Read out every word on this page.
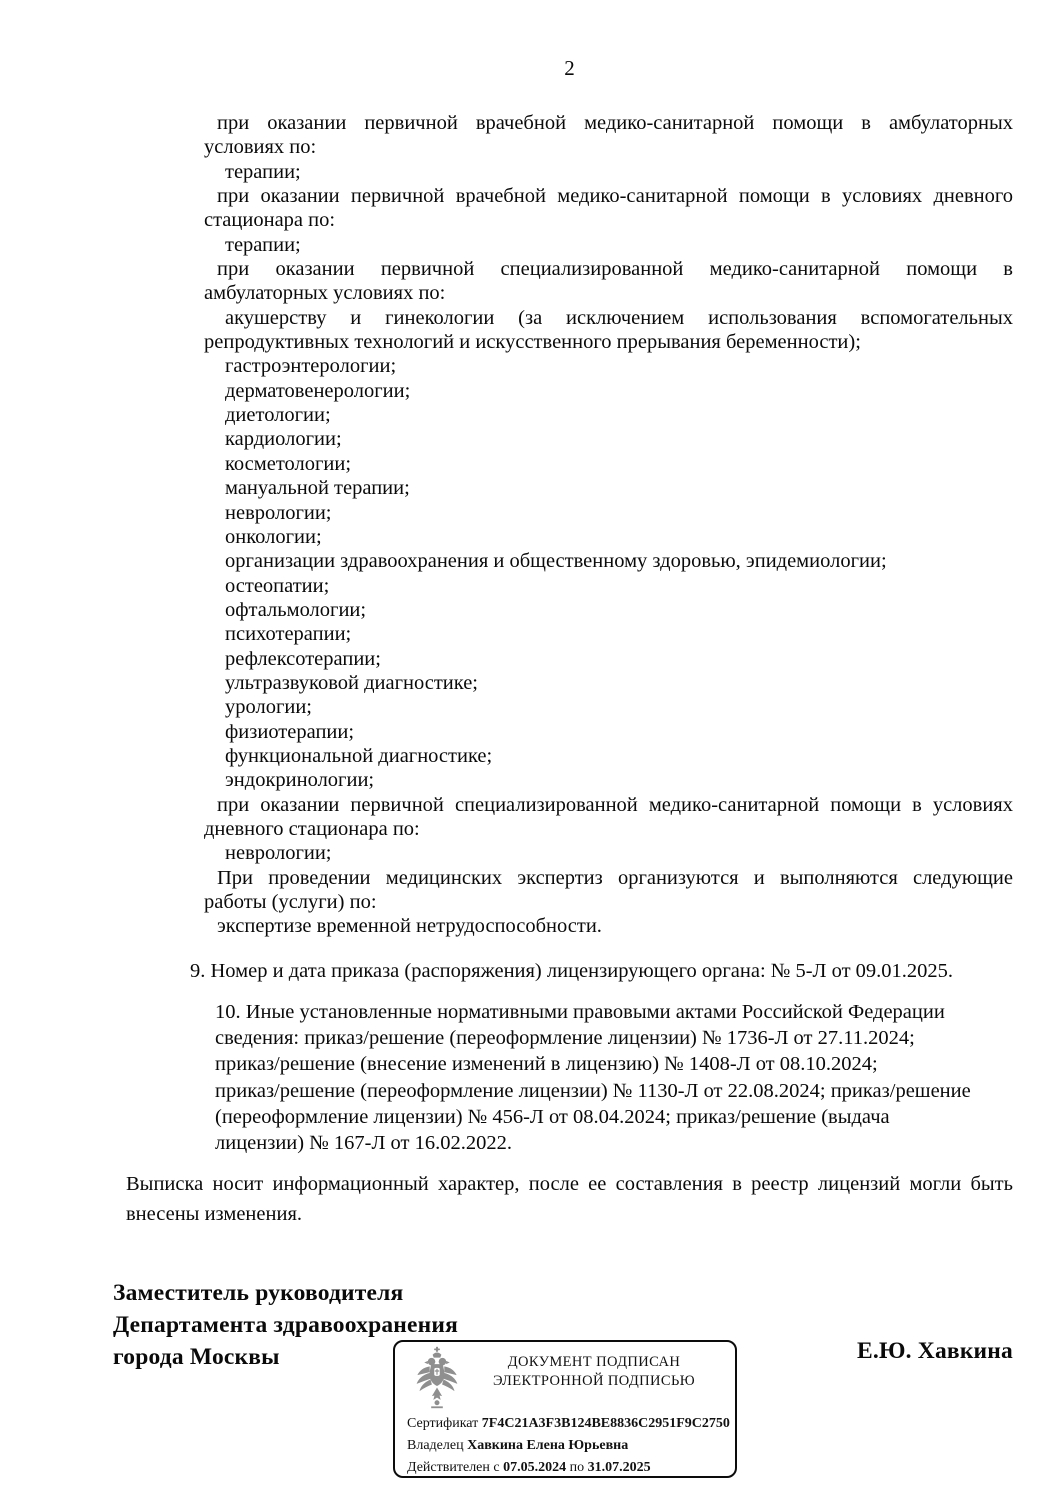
2
при оказании первичной врачебной медико-санитарной помощи в амбулаторных
условиях по:
терапии;
при оказании первичной врачебной медико-санитарной помощи в условиях дневного
стационара по:
терапии;
при оказании первичной специализированной медико-санитарной помощи в
амбулаторных условиях по:
акушерству и гинекологии (за исключением использования вспомогательных
репродуктивных технологий и искусственного прерывания беременности);
гастроэнтерологии;
дерматовенерологии;
диетологии;
кардиологии;
косметологии;
мануальной терапии;
неврологии;
онкологии;
организации здравоохранения и общественному здоровью, эпидемиологии;
остеопатии;
офтальмологии;
психотерапии;
рефлексотерапии;
ультразвуковой диагностике;
урологии;
физиотерапии;
функциональной диагностике;
эндокринологии;
при оказании первичной специализированной медико-санитарной помощи в условиях
дневного стационара по:
неврологии;
При проведении медицинских экспертиз организуются и выполняются следующие
работы (услуги) по:
экспертизе временной нетрудоспособности.
9. Номер и дата приказа (распоряжения) лицензирующего органа: № 5-Л от 09.01.2025.
10. Иные установленные нормативными правовыми актами Российской Федерации
сведения: приказ/решение (переоформление лицензии) № 1736-Л от 27.11.2024;
приказ/решение (внесение изменений в лицензию) № 1408-Л от 08.10.2024;
приказ/решение (переоформление лицензии) № 1130-Л от 22.08.2024; приказ/решение
(переоформление лицензии) № 456-Л от 08.04.2024; приказ/решение (выдача
лицензии) № 167-Л от 16.02.2022.
Выписка носит информационный характер, после ее составления в реестр лицензий могли быть
внесены изменения.
Заместитель руководителя
Департамента здравоохранения
города Москвы	Е.Ю. Хавкина
ДОКУМЕНТ ПОДПИСАН
ЭЛЕКТРОННОЙ ПОДПИСЬЮ
Сертификат 7F4C21A3F3B124BE8836C2951F9C2750
Владелец Хавкина Елена Юрьевна
Действителен с 07.05.2024 по 31.07.2025
